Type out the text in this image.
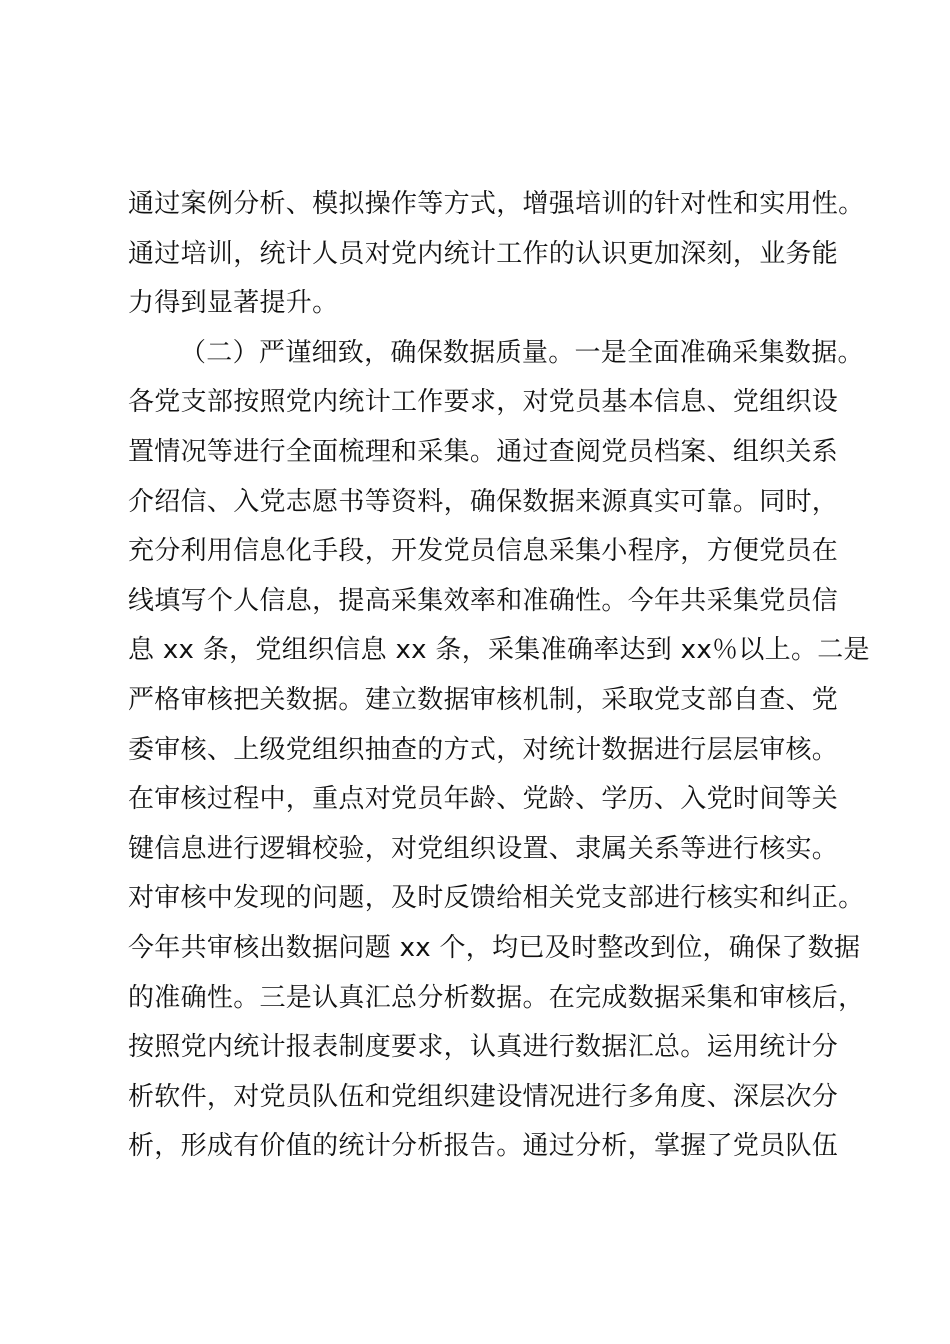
通过案例分析、模拟操作等方式，增强培训的针对性和实用性。
通过培训，统计人员对党内统计工作的认识更加深刻，业务能
力得到显著提升。
（二）严谨细致，确保数据质量。一是全面准确采集数据。
各党支部按照党内统计工作要求，对党员基本信息、党组织设
置情况等进行全面梳理和采集。通过查阅党员档案、组织关系
介绍信、入党志愿书等资料，确保数据来源真实可靠。同时，
充分利用信息化手段，开发党员信息采集小程序，方便党员在
线填写个人信息，提高采集效率和准确性。今年共采集党员信
息 xx 条，党组织信息 xx 条，采集准确率达到 xx％以上。二是
严格审核把关数据。建立数据审核机制，采取党支部自查、党
委审核、上级党组织抽查的方式，对统计数据进行层层审核。
在审核过程中，重点对党员年龄、党龄、学历、入党时间等关
键信息进行逻辑校验，对党组织设置、隶属关系等进行核实。
对审核中发现的问题，及时反馈给相关党支部进行核实和纠正。
今年共审核出数据问题 xx 个，均已及时整改到位，确保了数据
的准确性。三是认真汇总分析数据。在完成数据采集和审核后，
按照党内统计报表制度要求，认真进行数据汇总。运用统计分
析软件，对党员队伍和党组织建设情况进行多角度、深层次分
析，形成有价值的统计分析报告。通过分析，掌握了党员队伍
